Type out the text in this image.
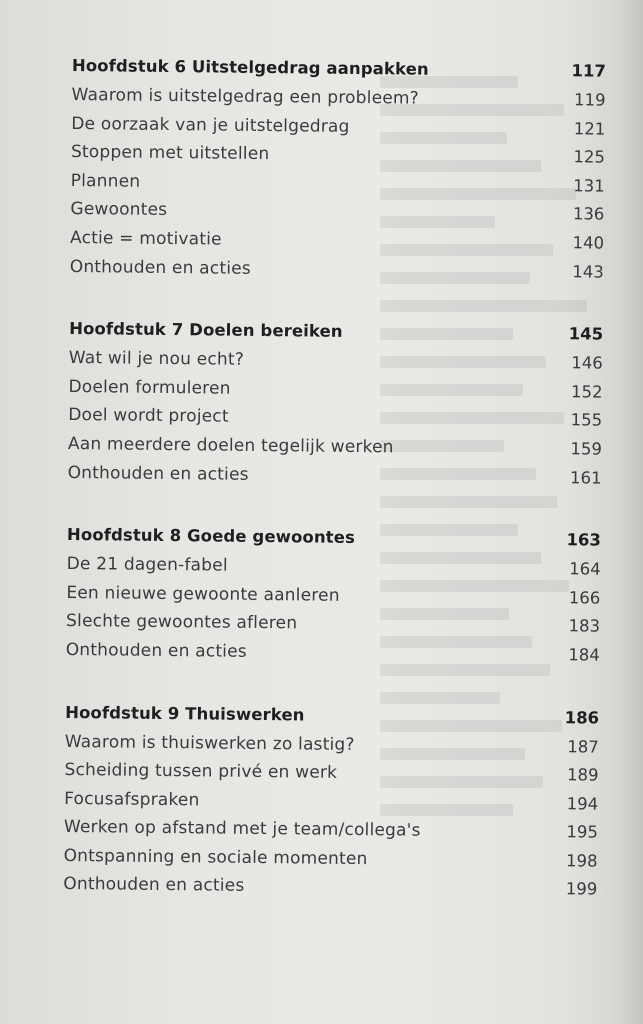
Hoofdstuk 6 Uitstelgedrag aanpakken	117
Waarom is uitstelgedrag een probleem?	119
De oorzaak van je uitstelgedrag	121
Stoppen met uitstellen	125
Plannen	131
Gewoontes	136
Actie = motivatie	140
Onthouden en acties	143
Hoofdstuk 7 Doelen bereiken	145
Wat wil je nou echt?	146
Doelen formuleren	152
Doel wordt project	155
Aan meerdere doelen tegelijk werken	159
Onthouden en acties	161
Hoofdstuk 8 Goede gewoontes	163
De 21 dagen-fabel	164
Een nieuwe gewoonte aanleren	166
Slechte gewoontes afleren	183
Onthouden en acties	184
Hoofdstuk 9 Thuiswerken	186
Waarom is thuiswerken zo lastig?	187
Scheiding tussen privé en werk	189
Focusafspraken	194
Werken op afstand met je team/collega's	195
Ontspanning en sociale momenten	198
Onthouden en acties	199
